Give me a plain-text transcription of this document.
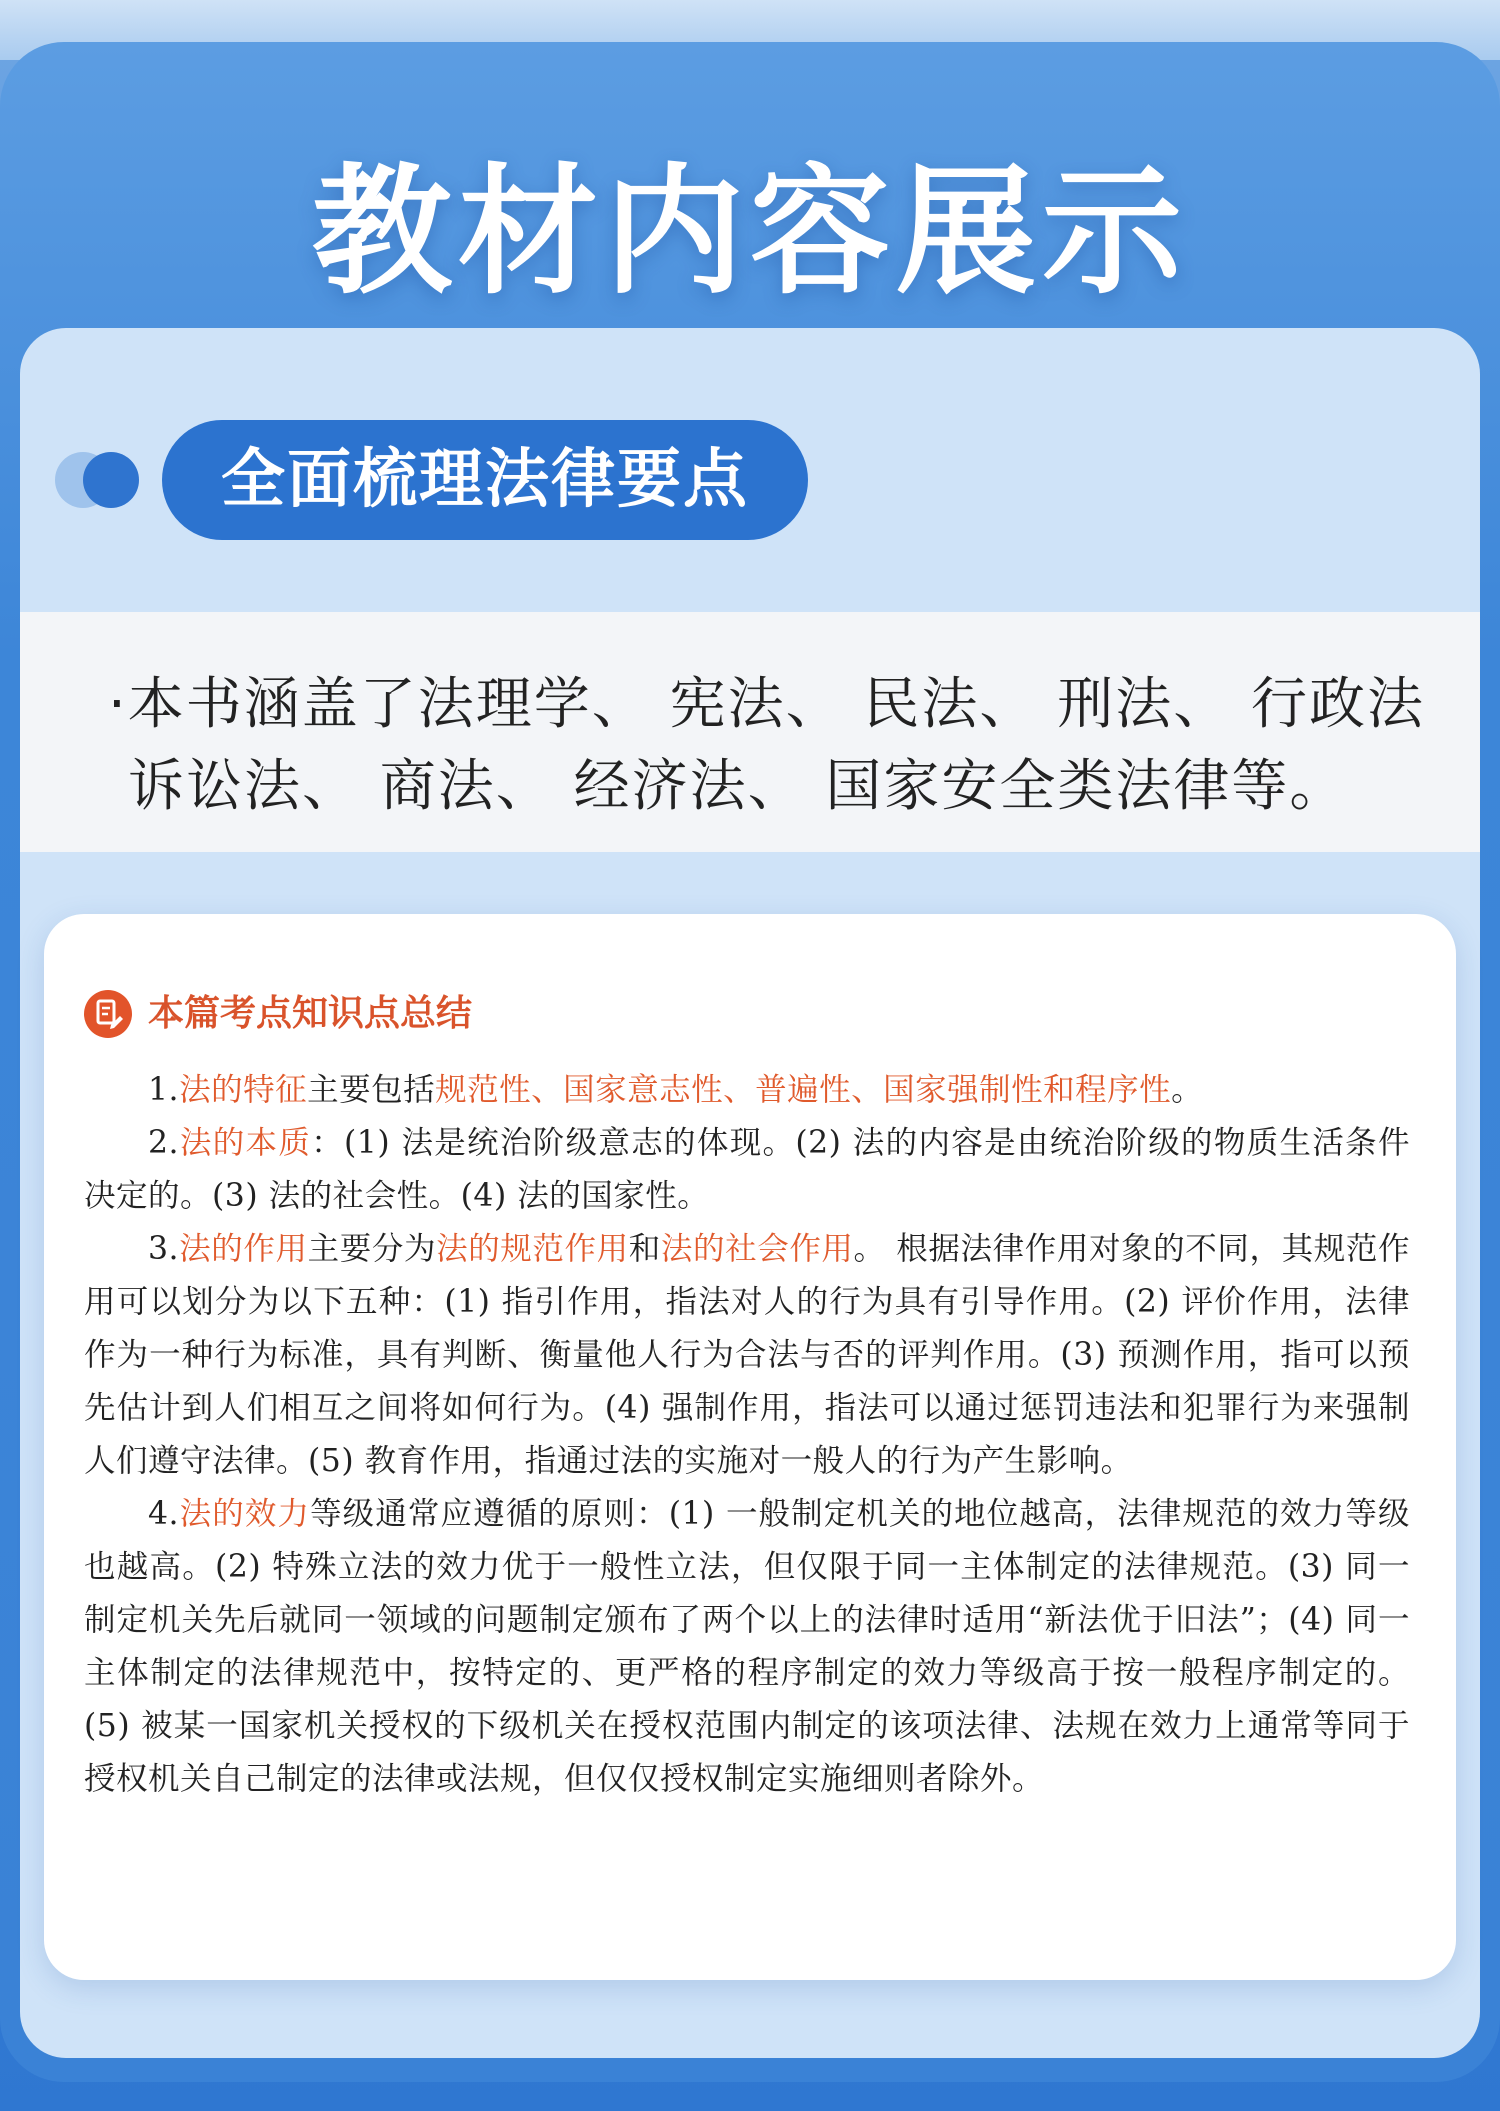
教材内容展示
全面梳理法律要点
·本书涵盖了法理学、 宪法、 民法、 刑法、 行政法
诉讼法、 商法、 经济法、 国家安全类法律等。
本篇考点知识点总结

1.法的特征主要包括规范性、国家意志性、普遍性、国家强制性和程序性。

2.法的本质：(1) 法是统治阶级意志的体现。(2) 法的内容是由统治阶级的物质生活条件决定的。(3) 法的社会性。(4) 法的国家性。

3.法的作用主要分为法的规范作用和法的社会作用。 根据法律作用对象的不同，其规范作用可以划分为以下五种：(1) 指引作用，指法对人的行为具有引导作用。(2) 评价作用，法律作为一种行为标准，具有判断、衡量他人行为合法与否的评判作用。(3) 预测作用，指可以预先估计到人们相互之间将如何行为。(4) 强制作用，指法可以通过惩罚违法和犯罪行为来强制人们遵守法律。(5) 教育作用，指通过法的实施对一般人的行为产生影响。

4.法的效力等级通常应遵循的原则：(1) 一般制定机关的地位越高，法律规范的效力等级也越高。(2) 特殊立法的效力优于一般性立法，但仅限于同一主体制定的法律规范。(3) 同一制定机关先后就同一领域的问题制定颁布了两个以上的法律时适用“新法优于旧法”；(4) 同一主体制定的法律规范中，按特定的、更严格的程序制定的效力等级高于按一般程序制定的。(5) 被某一国家机关授权的下级机关在授权范围内制定的该项法律、法规在效力上通常等同于授权机关自己制定的法律或法规，但仅仅授权制定实施细则者除外。
